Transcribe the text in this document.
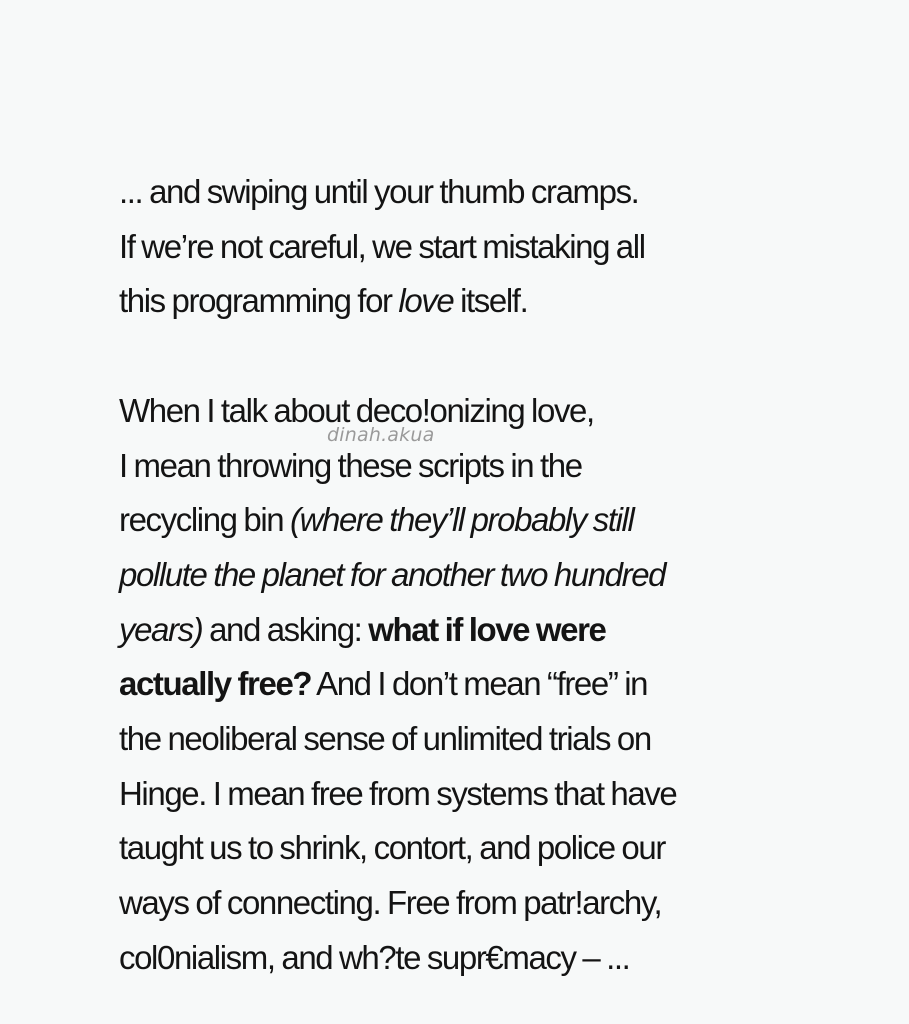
... and swiping until your thumb cramps.
If we’re not careful, we start mistaking all
this programming for love itself.
When I talk about deco!onizing love,
I mean throwing these scripts in the
recycling bin (where they’ll probably still
pollute the planet for another two hundred
years) and asking: what if love were
actually free? And I don’t mean “free” in
the neoliberal sense of unlimited trials on
Hinge. I mean free from systems that have
taught us to shrink, contort, and police our
ways of connecting. Free from patr!archy,
col0nialism, and wh?te supr€macy – ...
dinah.akua
